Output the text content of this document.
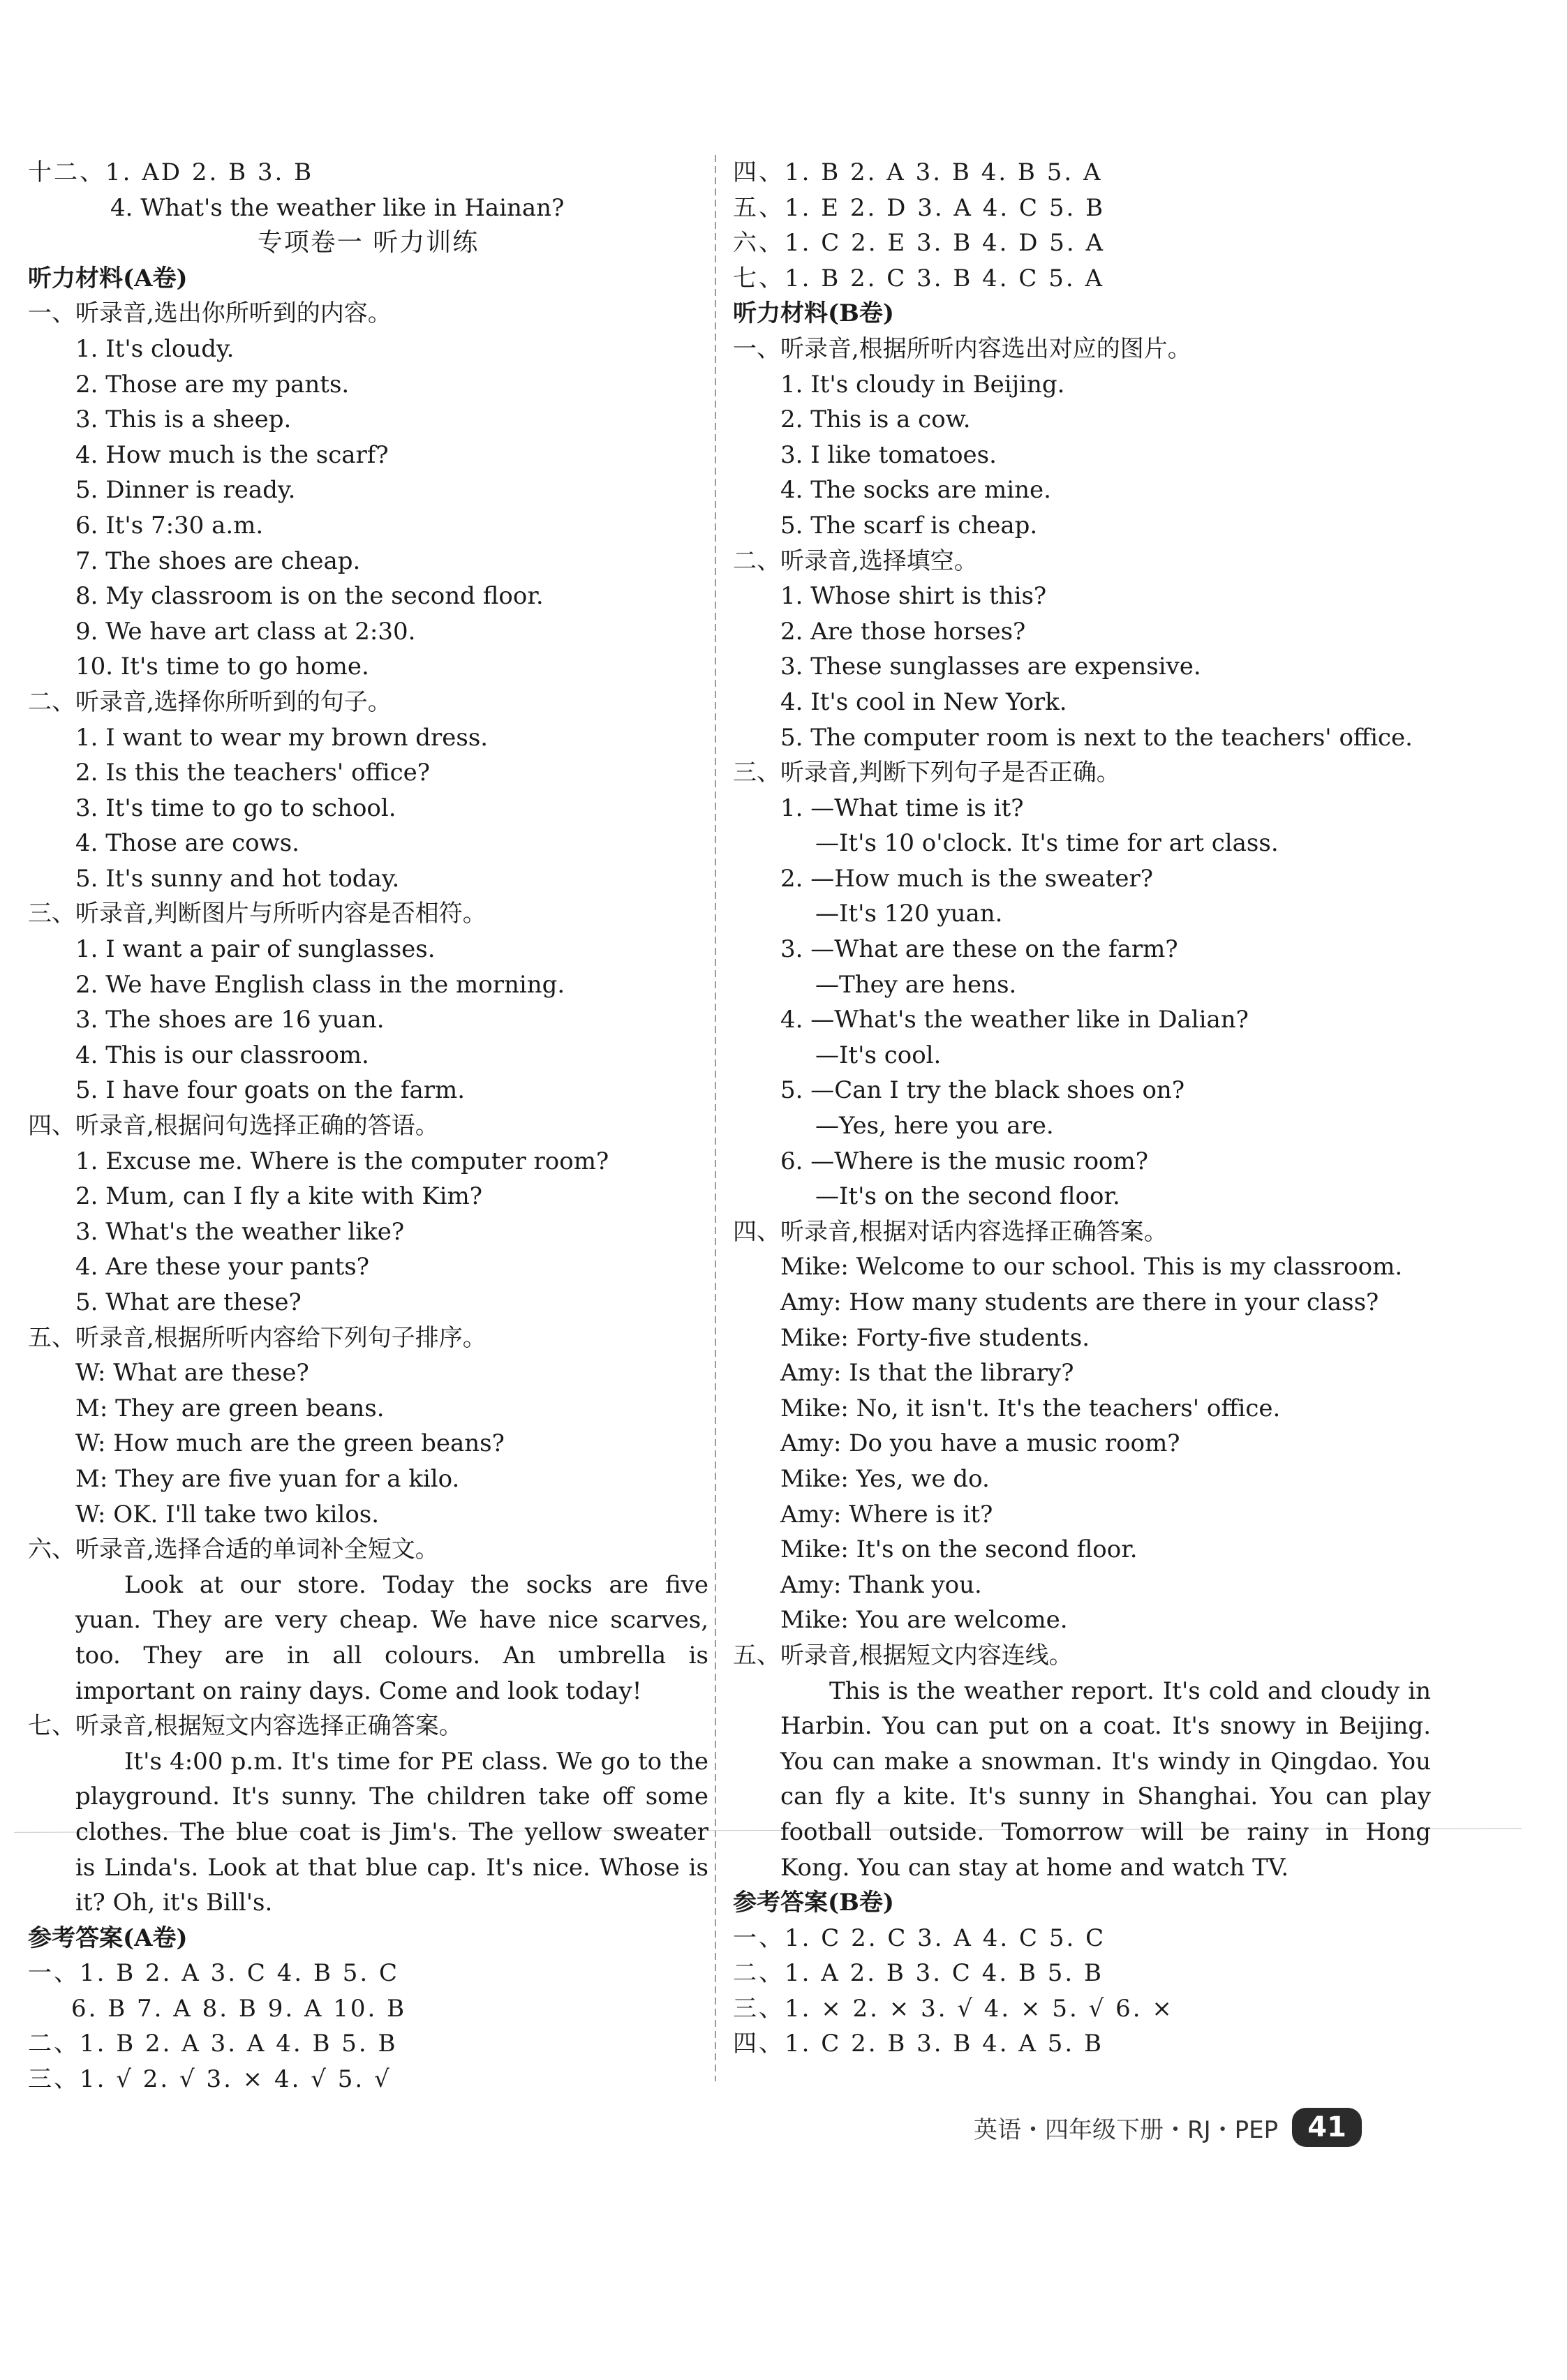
十二、1. AD 2. B 3. B
4. What's the weather like in Hainan?
专项卷一 听力训练
听力材料(A卷)
一、听录音,选出你所听到的内容。
1. It's cloudy.
2. Those are my pants.
3. This is a sheep.
4. How much is the scarf?
5. Dinner is ready.
6. It's 7:30 a.m.
7. The shoes are cheap.
8. My classroom is on the second floor.
9. We have art class at 2:30.
10. It's time to go home.
二、听录音,选择你所听到的句子。
1. I want to wear my brown dress.
2. Is this the teachers' office?
3. It's time to go to school.
4. Those are cows.
5. It's sunny and hot today.
三、听录音,判断图片与所听内容是否相符。
1. I want a pair of sunglasses.
2. We have English class in the morning.
3. The shoes are 16 yuan.
4. This is our classroom.
5. I have four goats on the farm.
四、听录音,根据问句选择正确的答语。
1. Excuse me. Where is the computer room?
2. Mum, can I fly a kite with Kim?
3. What's the weather like?
4. Are these your pants?
5. What are these?
五、听录音,根据所听内容给下列句子排序。
W: What are these?
M: They are green beans.
W: How much are the green beans?
M: They are five yuan for a kilo.
W: OK. I'll take two kilos.
六、听录音,选择合适的单词补全短文。
Look at our store. Today the socks are five yuan. They are very cheap. We have nice scarves, too. They are in all colours. An umbrella is important on rainy days. Come and look today!
七、听录音,根据短文内容选择正确答案。
It's 4:00 p.m. It's time for PE class. We go to the playground. It's sunny. The children take off some clothes. The blue coat is Jim's. The yellow sweater is Linda's. Look at that blue cap. It's nice. Whose is it? Oh, it's Bill's.
参考答案(A卷)
一、1. B 2. A 3. C 4. B 5. C
6. B 7. A 8. B 9. A 10. B
二、1. B 2. A 3. A 4. B 5. B
三、1. √ 2. √ 3. × 4. √ 5. √
四、1. B 2. A 3. B 4. B 5. A
五、1. E 2. D 3. A 4. C 5. B
六、1. C 2. E 3. B 4. D 5. A
七、1. B 2. C 3. B 4. C 5. A
听力材料(B卷)
一、听录音,根据所听内容选出对应的图片。
1. It's cloudy in Beijing.
2. This is a cow.
3. I like tomatoes.
4. The socks are mine.
5. The scarf is cheap.
二、听录音,选择填空。
1. Whose shirt is this?
2. Are those horses?
3. These sunglasses are expensive.
4. It's cool in New York.
5. The computer room is next to the teachers' office.
三、听录音,判断下列句子是否正确。
1. —What time is it?
—It's 10 o'clock. It's time for art class.
2. —How much is the sweater?
—It's 120 yuan.
3. —What are these on the farm?
—They are hens.
4. —What's the weather like in Dalian?
—It's cool.
5. —Can I try the black shoes on?
—Yes, here you are.
6. —Where is the music room?
—It's on the second floor.
四、听录音,根据对话内容选择正确答案。
Mike: Welcome to our school. This is my classroom.
Amy: How many students are there in your class?
Mike: Forty-five students.
Amy: Is that the library?
Mike: No, it isn't. It's the teachers' office.
Amy: Do you have a music room?
Mike: Yes, we do.
Amy: Where is it?
Mike: It's on the second floor.
Amy: Thank you.
Mike: You are welcome.
五、听录音,根据短文内容连线。
This is the weather report. It's cold and cloudy in Harbin. You can put on a coat. It's snowy in Beijing. You can make a snowman. It's windy in Qingdao. You can fly a kite. It's sunny in Shanghai. You can play football outside. Tomorrow will be rainy in Hong Kong. You can stay at home and watch TV.
参考答案(B卷)
一、1. C 2. C 3. A 4. C 5. C
二、1. A 2. B 3. C 4. B 5. B
三、1. × 2. × 3. √ 4. × 5. √ 6. ×
四、1. C 2. B 3. B 4. A 5. B
英语・四年级下册・RJ・PEP	41
